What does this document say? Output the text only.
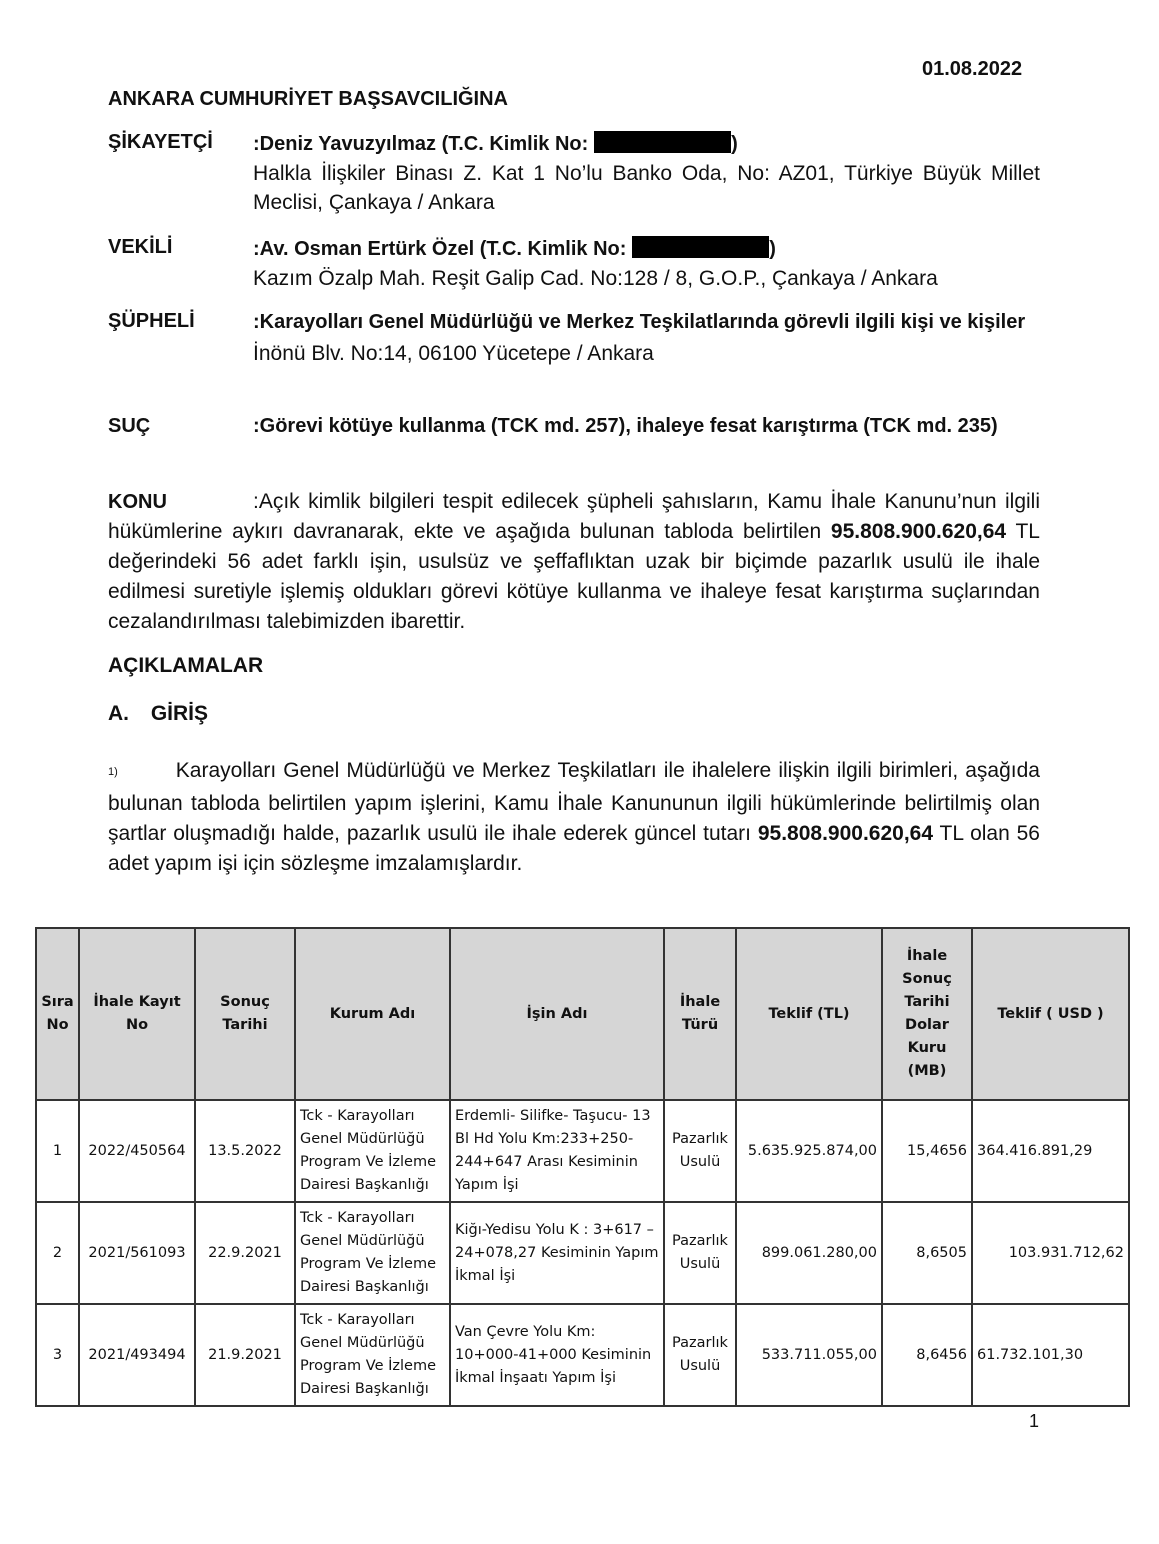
01.08.2022
ANKARA CUMHURİYET BAŞSAVCILIĞINA
ŞİKAYETÇİ :Deniz Yavuzyılmaz (T.C. Kimlik No:	)
Halkla İlişkiler Binası Z. Kat 1 No’lu Banko Oda, No: AZ01, Türkiye Büyük Millet Meclisi, Çankaya / Ankara
VEKİLİ	:Av. Osman Ertürk Özel (T.C. Kimlik No:	)
Kazım Özalp Mah. Reşit Galip Cad. No:128 / 8, G.O.P., Çankaya / Ankara
ŞÜPHELİ	:Karayolları Genel Müdürlüğü ve Merkez Teşkilatlarında görevli ilgili kişi ve kişiler
İnönü Blv. No:14, 06100 Yücetepe / Ankara
SUÇ	:Görevi kötüye kullanma (TCK md. 257), ihaleye fesat karıştırma (TCK md. 235)
KONU	:Açık kimlik bilgileri tespit edilecek şüpheli şahısların, Kamu İhale Kanunu’nun ilgili hükümlerine aykırı davranarak, ekte ve aşağıda bulunan tabloda belirtilen 95.808.900.620,64 TL değerindeki 56 adet farklı işin, usulsüz ve şeffaflıktan uzak bir biçimde pazarlık usulü ile ihale edilmesi suretiyle işlemiş oldukları görevi kötüye kullanma ve ihaleye fesat karıştırma suçlarından cezalandırılması talebimizden ibarettir.
AÇIKLAMALAR
A. GİRİŞ
1)	Karayolları Genel Müdürlüğü ve Merkez Teşkilatları ile ihalelere ilişkin ilgili birimleri, aşağıda bulunan tabloda belirtilen yapım işlerini, Kamu İhale Kanununun ilgili hükümlerinde belirtilmiş olan şartlar oluşmadığı halde, pazarlık usulü ile ihale ederek güncel tutarı 95.808.900.620,64 TL olan 56 adet yapım işi için sözleşme imzalamışlardır.
Sıra No	İhale Kayıt No	Sonuç Tarihi	Kurum Adı	İşin Adı	İhale Türü	Teklif (TL)	İhale Sonuç Tarihi Dolar Kuru (MB)	Teklif ( USD )
1	2022/450564	13.5.2022	Tck - Karayolları Genel Müdürlüğü Program Ve İzleme Dairesi Başkanlığı	Erdemli- Silifke- Taşucu- 13 Bl Hd Yolu Km:233+250- 244+647 Arası Kesiminin Yapım İşi	Pazarlık Usulü	5.635.925.874,00	15,4656	364.416.891,29
2	2021/561093	22.9.2021	Tck - Karayolları Genel Müdürlüğü Program Ve İzleme Dairesi Başkanlığı	Kiğı-Yedisu Yolu K : 3+617 – 24+078,27 Kesiminin Yapım İkmal İşi	Pazarlık Usulü	899.061.280,00	8,6505	103.931.712,62
3	2021/493494	21.9.2021	Tck - Karayolları Genel Müdürlüğü Program Ve İzleme Dairesi Başkanlığı	Van Çevre Yolu Km: 10+000-41+000 Kesiminin İkmal İnşaatı Yapım İşi	Pazarlık Usulü	533.711.055,00	8,6456	61.732.101,30
1
